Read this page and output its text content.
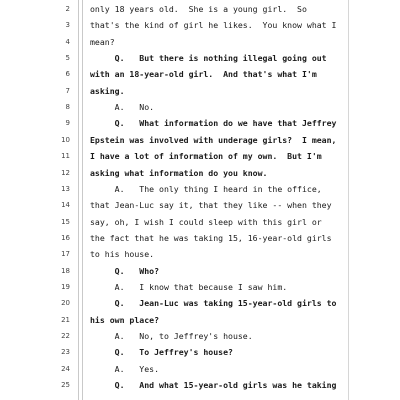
2 only 18 years old.  She is a young girl.  So
3 that's the kind of girl he likes.  You know what I
4 mean?
5 Q.   But there is nothing illegal going out
6 with an 18-year-old girl.  And that's what I'm
7 asking.
8 A.   No.
9 Q.   What information do we have that Jeffrey
10 Epstein was involved with underage girls?  I mean,
11 I have a lot of information of my own.  But I'm
12 asking what information do you know.
13 A.   The only thing I heard in the office,
14 that Jean-Luc say it, that they like -- when they
15 say, oh, I wish I could sleep with this girl or
16 the fact that he was taking 15, 16-year-old girls
17 to his house.
18 Q.   Who?
19 A.   I know that because I saw him.
20 Q.   Jean-Luc was taking 15-year-old girls to
21 his own place?
22 A.   No, to Jeffrey's house.
23 Q.   To Jeffrey's house?
24 A.   Yes.
25 Q.   And what 15-year-old girls was he taking
